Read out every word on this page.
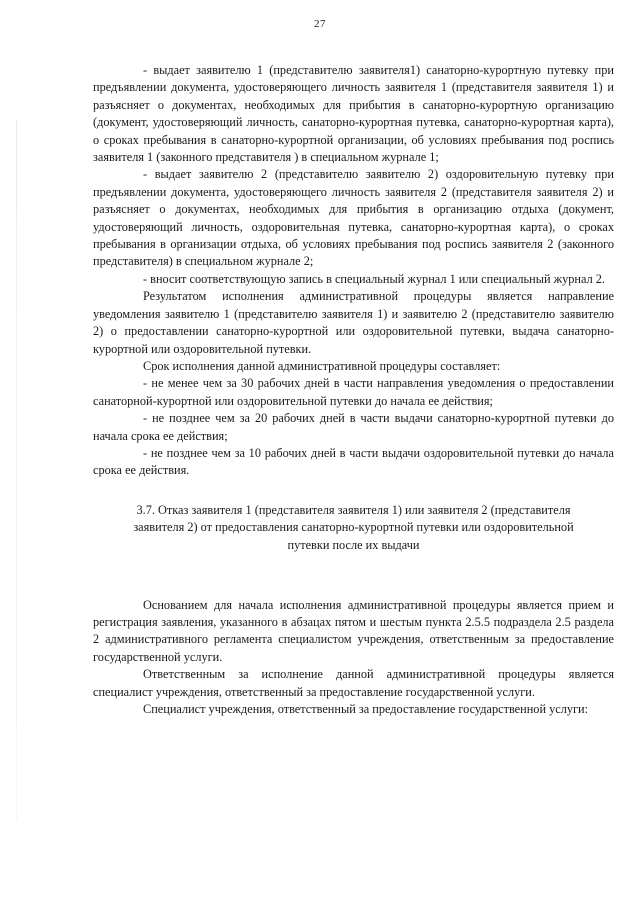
27

- выдает заявителю 1 (представителю заявителя1) санаторно-курортную путевку при предъявлении документа, удостоверяющего личность заявителя 1 (представителя заявителя 1) и разъясняет о документах, необходимых для прибытия в санаторно-курортную организацию (документ, удостоверяющий личность, санаторно-курортная путевка, санаторно-курортная карта), о сроках пребывания в санаторно-курортной организации, об условиях пребывания под роспись заявителя 1 (законного представителя ) в специальном журнале 1;

- выдает заявителю 2 (представителю заявителю 2) оздоровительную путевку при предъявлении документа, удостоверяющего личность заявителя 2 (представителя заявителя 2) и разъясняет о документах, необходимых для прибытия в организацию отдыха (документ, удостоверяющий личность, оздоровительная путевка, санаторно-курортная карта), о сроках пребывания в организации отдыха, об условиях пребывания под роспись заявителя 2 (законного представителя) в специальном журнале 2;

- вносит соответствующую запись в специальный журнал 1 или специальный журнал 2.

Результатом исполнения административной процедуры является направление уведомления заявителю 1 (представителю заявителя 1) и заявителю 2 (представителю заявителю 2) о предоставлении санаторно-курортной или оздоровительной путевки, выдача санаторно-курортной или оздоровительной путевки.

Срок исполнения данной административной процедуры составляет:

- не менее чем за 30 рабочих дней в части направления уведомления о предоставлении санаторной-курортной или оздоровительной путевки до начала ее действия;

- не позднее чем за 20 рабочих дней в части выдачи санаторно-курортной путевки до начала срока ее действия;

- не позднее чем за 10 рабочих дней в части выдачи оздоровительной путевки до начала срока ее действия.

3.7. Отказ заявителя 1 (представителя заявителя 1) или заявителя 2 (представителя заявителя 2) от предоставления санаторно-курортной путевки или оздоровительной путевки после их выдачи

Основанием для начала исполнения административной процедуры является прием и регистрация заявления, указанного в абзацах пятом и шестым пункта 2.5.5 подраздела 2.5 раздела 2 административного регламента специалистом учреждения, ответственным за предоставление государственной услуги.

Ответственным за исполнение данной административной процедуры является специалист учреждения, ответственный за предоставление государственной услуги.

Специалист учреждения, ответственный за предоставление государственной услуги:
